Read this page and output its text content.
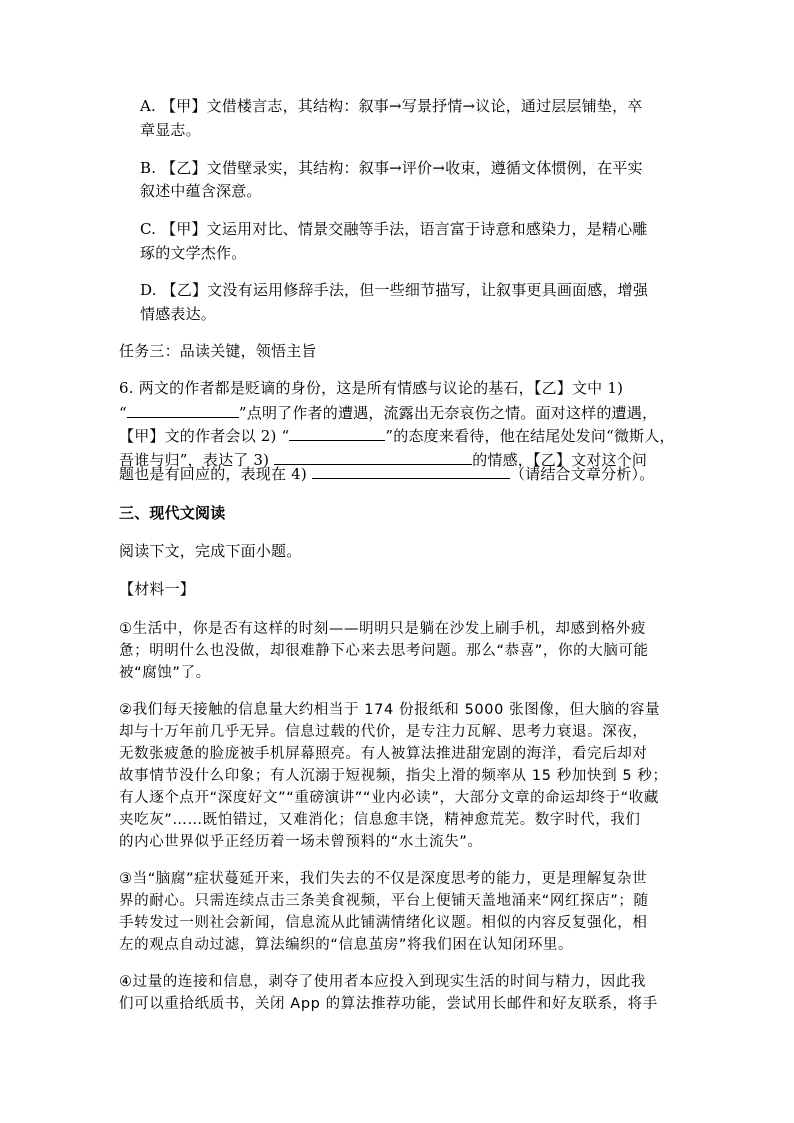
A. 【甲】文借楼言志，其结构：叙事→写景抒情→议论，通过层层铺垫，卒
章显志。
B. 【乙】文借壁录实，其结构：叙事→评价→收束，遵循文体惯例，在平实
叙述中蕴含深意。
C. 【甲】文运用对比、情景交融等手法，语言富于诗意和感染力，是精心雕
琢的文学杰作。
D. 【乙】文没有运用修辞手法，但一些细节描写，让叙事更具画面感，增强
情感表达。
任务三：品读关键，领悟主旨
6. 两文的作者都是贬谪的身份，这是所有情感与议论的基石，【乙】文中 1)
“	”点明了作者的遭遇，流露出无奈哀伤之情。面对这样的遭遇，
【甲】文的作者会以 2) “	”的态度来看待，他在结尾处发问“微斯人，
吾谁与归”，表达了 3)	的情感，【乙】文对这个问
题也是有回应的，表现在 4)	（请结合文章分析）。
三、现代文阅读
阅读下文，完成下面小题。
【材料一】
①生活中，你是否有这样的时刻——明明只是躺在沙发上刷手机，却感到格外疲
惫；明明什么也没做，却很难静下心来去思考问题。那么“恭喜”，你的大脑可能
被“腐蚀”了。
②我们每天接触的信息量大约相当于 174 份报纸和 5000 张图像，但大脑的容量
却与十万年前几乎无异。信息过载的代价，是专注力瓦解、思考力衰退。深夜，
无数张疲惫的脸庞被手机屏幕照亮。有人被算法推进甜宠剧的海洋，看完后却对
故事情节没什么印象；有人沉溺于短视频，指尖上滑的频率从 15 秒加快到 5 秒；
有人逐个点开“深度好文”“重磅演讲”“业内必读”，大部分文章的命运却终于“收藏
夹吃灰”……既怕错过，又难消化；信息愈丰饶，精神愈荒芜。数字时代，我们
的内心世界似乎正经历着一场未曾预料的“水土流失”。
③当“脑腐”症状蔓延开来，我们失去的不仅是深度思考的能力，更是理解复杂世
界的耐心。只需连续点击三条美食视频，平台上便铺天盖地涌来“网红探店”；随
手转发过一则社会新闻，信息流从此铺满情绪化议题。相似的内容反复强化，相
左的观点自动过滤，算法编织的“信息茧房”将我们困在认知闭环里。
④过量的连接和信息，剥夺了使用者本应投入到现实生活的时间与精力，因此我
们可以重拾纸质书，关闭 App 的算法推荐功能，尝试用长邮件和好友联系，将手
